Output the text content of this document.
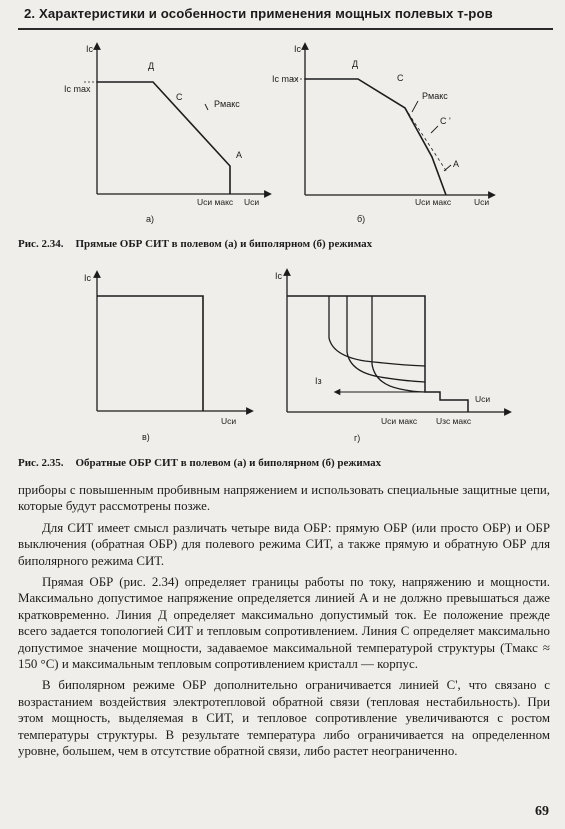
2. Характеристики и особенности применения мощных полевых т-ров
Ic
Ic max
Д
C
Pмакс
A
Uси макс Uси
а)
Ic
Ic max
Д
C
Pмакс
C '
A
Uси макс	Uси
б)
Ic
Uси
в)
Ic
Iз
Uси
Uси макс Uзс макс
г)
Рис. 2.34. Прямые ОБР СИТ в полевом (а) и биполярном (б) режимах
Рис. 2.35. Обратные ОБР СИТ в полевом (а) и биполярном (б) режимах

приборы с повышенным пробивным напряжением и использовать специальные защитные цепи, которые будут рассмотрены позже.

Для СИТ имеет смысл различать четыре вида ОБР: прямую ОБР (или просто ОБР) и ОБР выключения (обратная ОБР) для полевого режима СИТ, а также прямую и обратную ОБР для биполярного режима СИТ.

Прямая ОБР (рис. 2.34) определяет границы работы по току, напряжению и мощности. Максимально допустимое напряжение определяется линией A и не должно превышаться даже кратковременно. Линия Д определяет максимально допустимый ток. Ее положение прежде всего задается топологией СИТ и тепловым сопротивлением. Линия C определяет максимально допустимое значение мощности, задаваемое максимальной температурой структуры (Tмакс ≈ 150 °C) и максимальным тепловым сопротивлением кристалл — корпус.

В биполярном режиме ОБР дополнительно ограничивается линией C', что связано с возрастанием воздействия электротепловой обратной связи (тепловая нестабильность). При этом мощность, выделяемая в СИТ, и тепловое сопротивление увеличиваются с ростом температуры структуры. В результате температура либо ограничивается на определенном уровне, большем, чем в отсутствие обратной связи, либо растет неограниченно.

69
